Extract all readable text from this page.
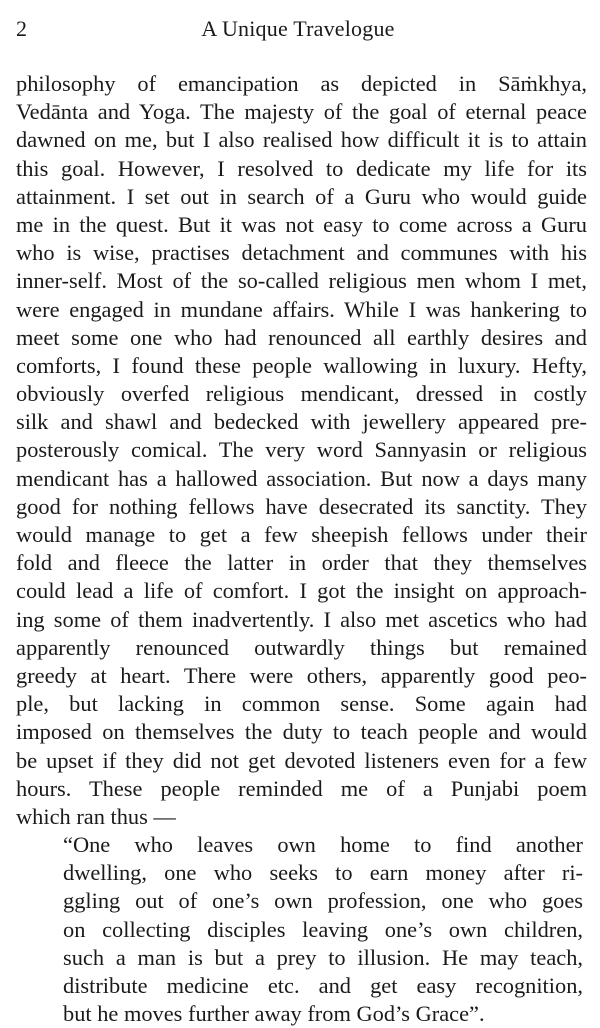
2	A Unique Travelogue
philosophy of emancipation as depicted in Sāṁkhya,
Vedānta and Yoga. The majesty of the goal of eternal peace
dawned on me, but I also realised how difficult it is to attain
this goal. However, I resolved to dedicate my life for its
attainment. I set out in search of a Guru who would guide
me in the quest. But it was not easy to come across a Guru
who is wise, practises detachment and communes with his
inner-self. Most of the so-called religious men whom I met,
were engaged in mundane affairs. While I was hankering to
meet some one who had renounced all earthly desires and
comforts, I found these people wallowing in luxury. Hefty,
obviously overfed religious mendicant, dressed in costly
silk and shawl and bedecked with jewellery appeared pre-
posterously comical. The very word Sannyasin or religious
mendicant has a hallowed association. But now a days many
good for nothing fellows have desecrated its sanctity. They
would manage to get a few sheepish fellows under their
fold and fleece the latter in order that they themselves
could lead a life of comfort. I got the insight on approach-
ing some of them inadvertently. I also met ascetics who had
apparently renounced outwardly things but remained
greedy at heart. There were others, apparently good peo-
ple, but lacking in common sense. Some again had
imposed on themselves the duty to teach people and would
be upset if they did not get devoted listeners even for a few
hours. These people reminded me of a Punjabi poem
which ran thus —
“One who leaves own home to find another
dwelling, one who seeks to earn money after ri-
ggling out of one’s own profession, one who goes
on collecting disciples leaving one’s own children,
such a man is but a prey to illusion. He may teach,
distribute medicine etc. and get easy recognition,
but he moves further away from God’s Grace”.
